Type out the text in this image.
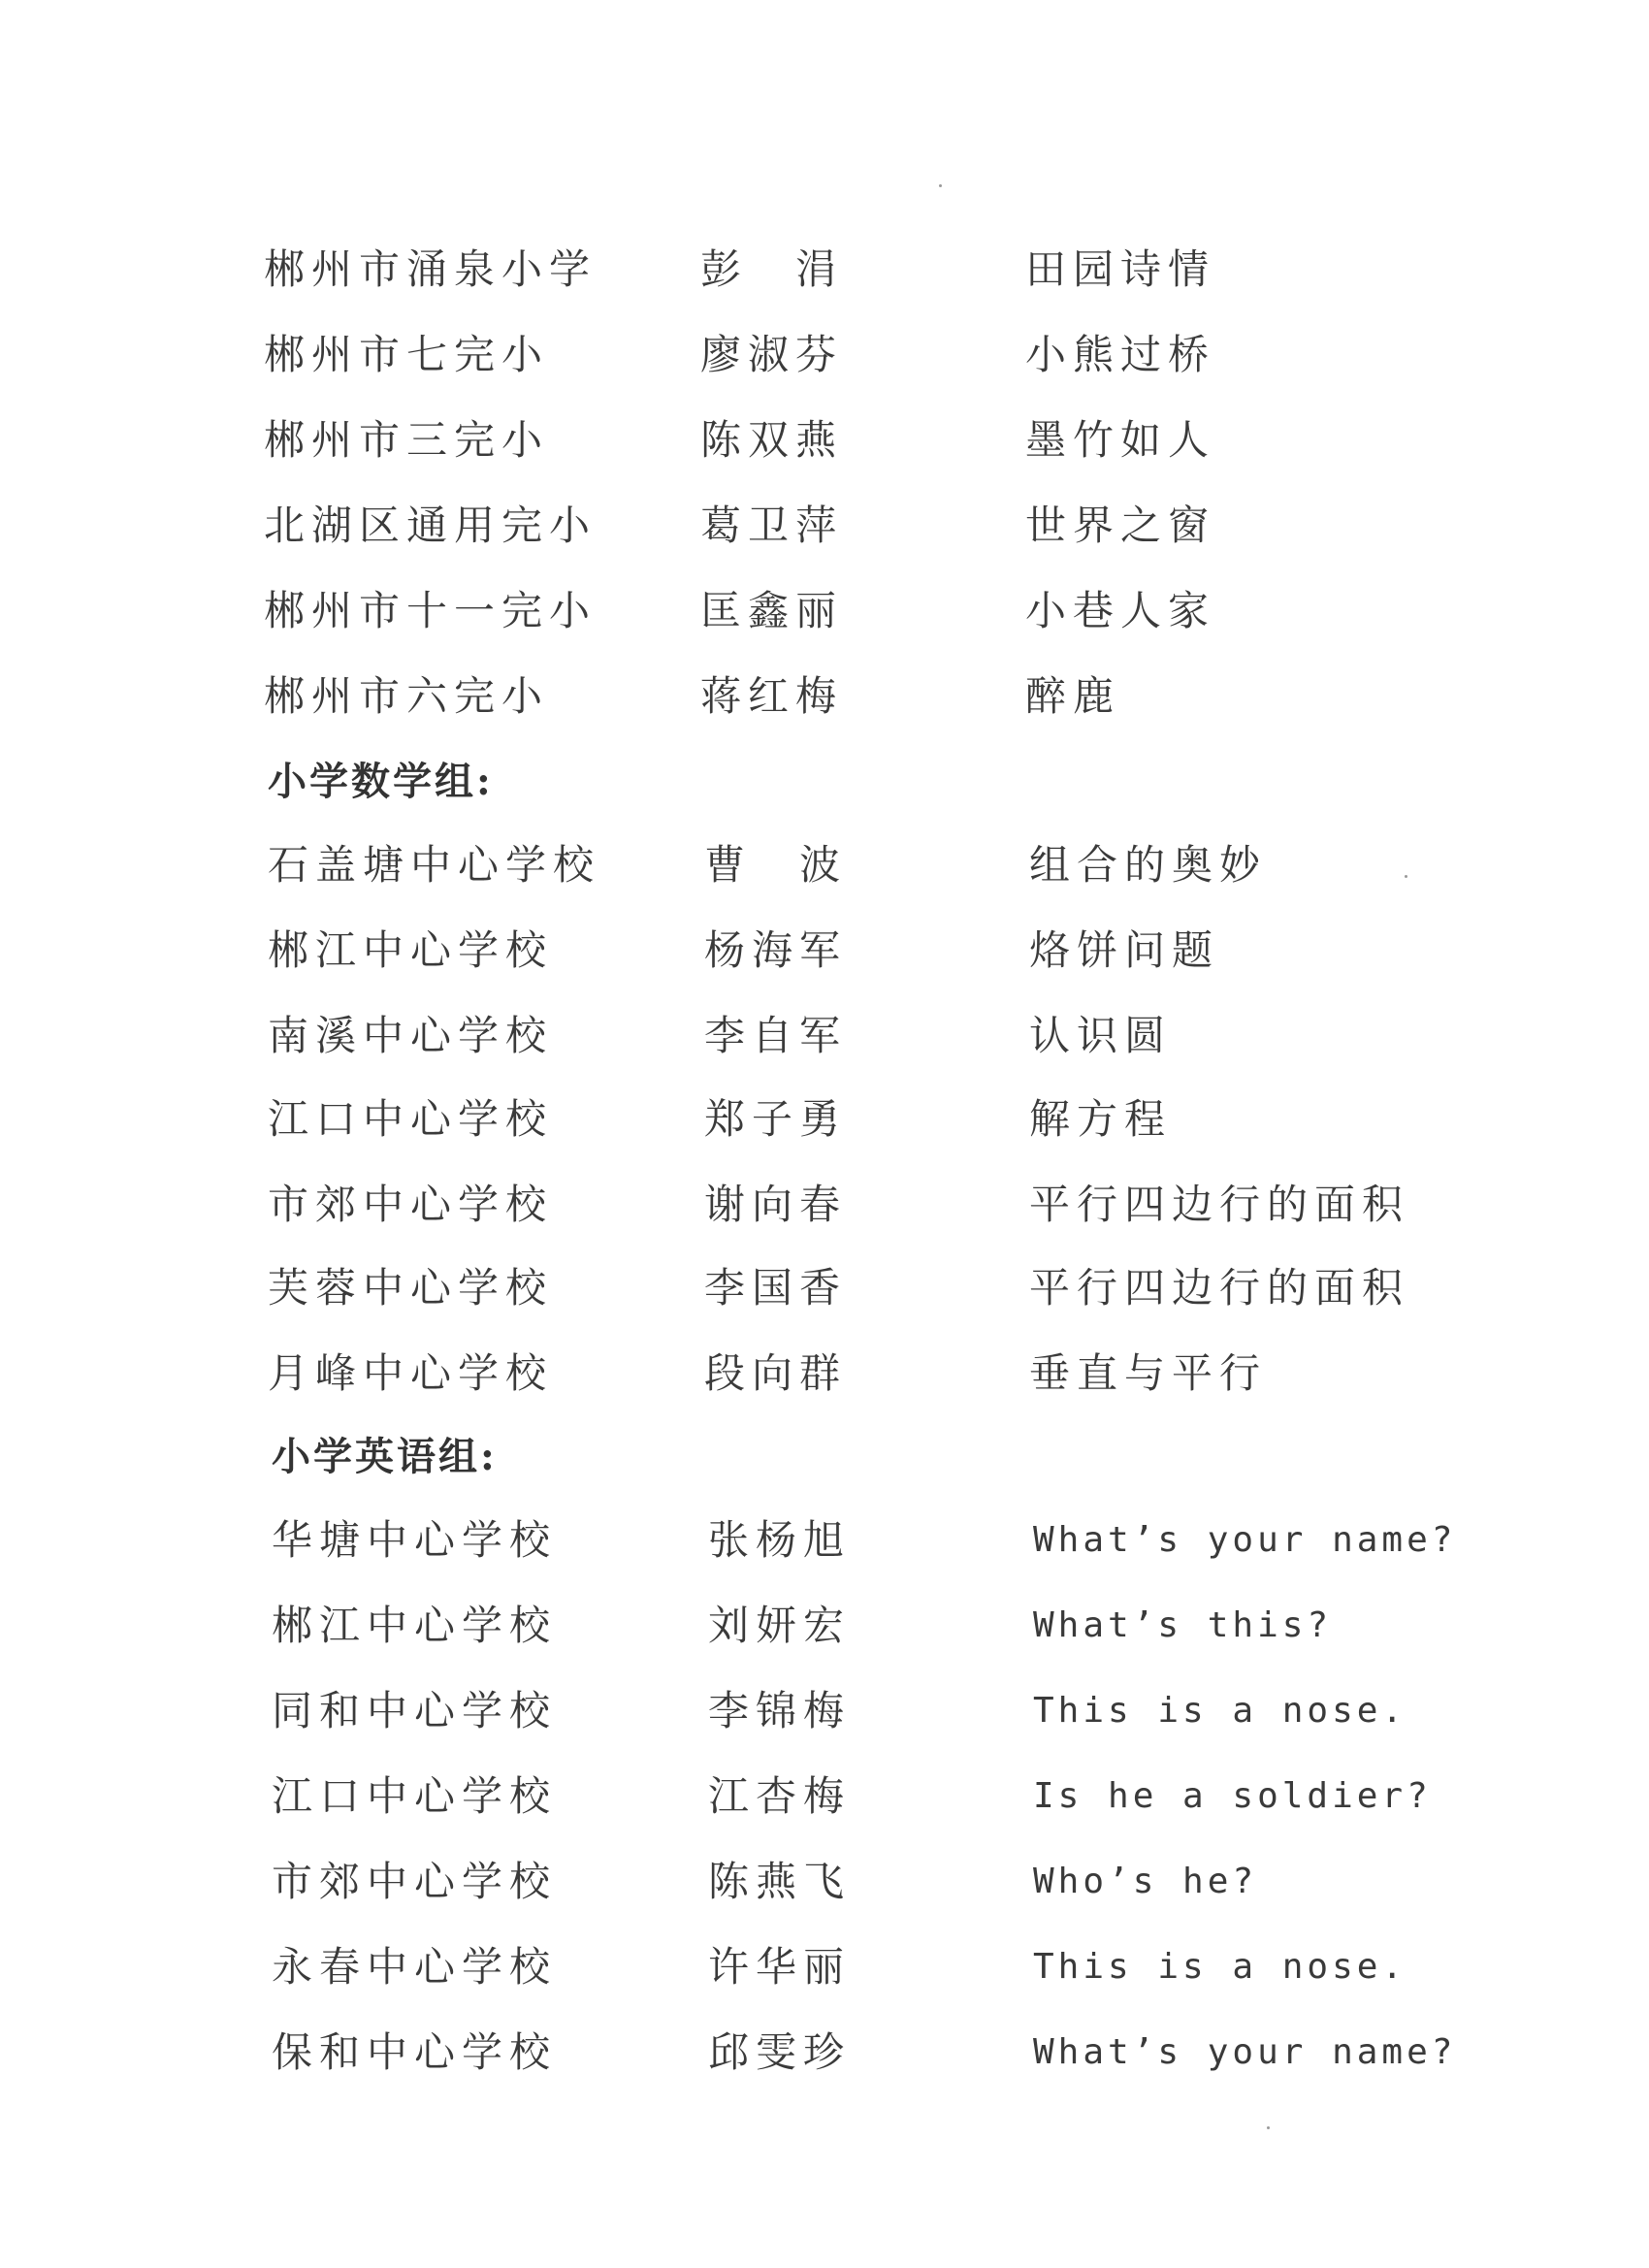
郴州市涌泉小学	彭　涓	田园诗情
郴州市七完小	廖淑芬	小熊过桥
郴州市三完小	陈双燕	墨竹如人
北湖区通用完小	葛卫萍	世界之窗
郴州市十一完小	匡鑫丽	小巷人家
郴州市六完小	蒋红梅	醉鹿
小学数学组:
石盖塘中心学校	曹　波	组合的奥妙
郴江中心学校	杨海军	烙饼问题
南溪中心学校	李自军	认识圆
江口中心学校	郑子勇	解方程
市郊中心学校	谢向春	平行四边行的面积
芙蓉中心学校	李国香	平行四边行的面积
月峰中心学校	段向群	垂直与平行
小学英语组:
华塘中心学校	张杨旭	What’s your name?
郴江中心学校	刘妍宏	What’s this?
同和中心学校	李锦梅	This is a nose.
江口中心学校	江杏梅	Is he a soldier?
市郊中心学校	陈燕飞	Who’s he?
永春中心学校	许华丽	This is a nose.
保和中心学校	邱雯珍	What’s your name?
